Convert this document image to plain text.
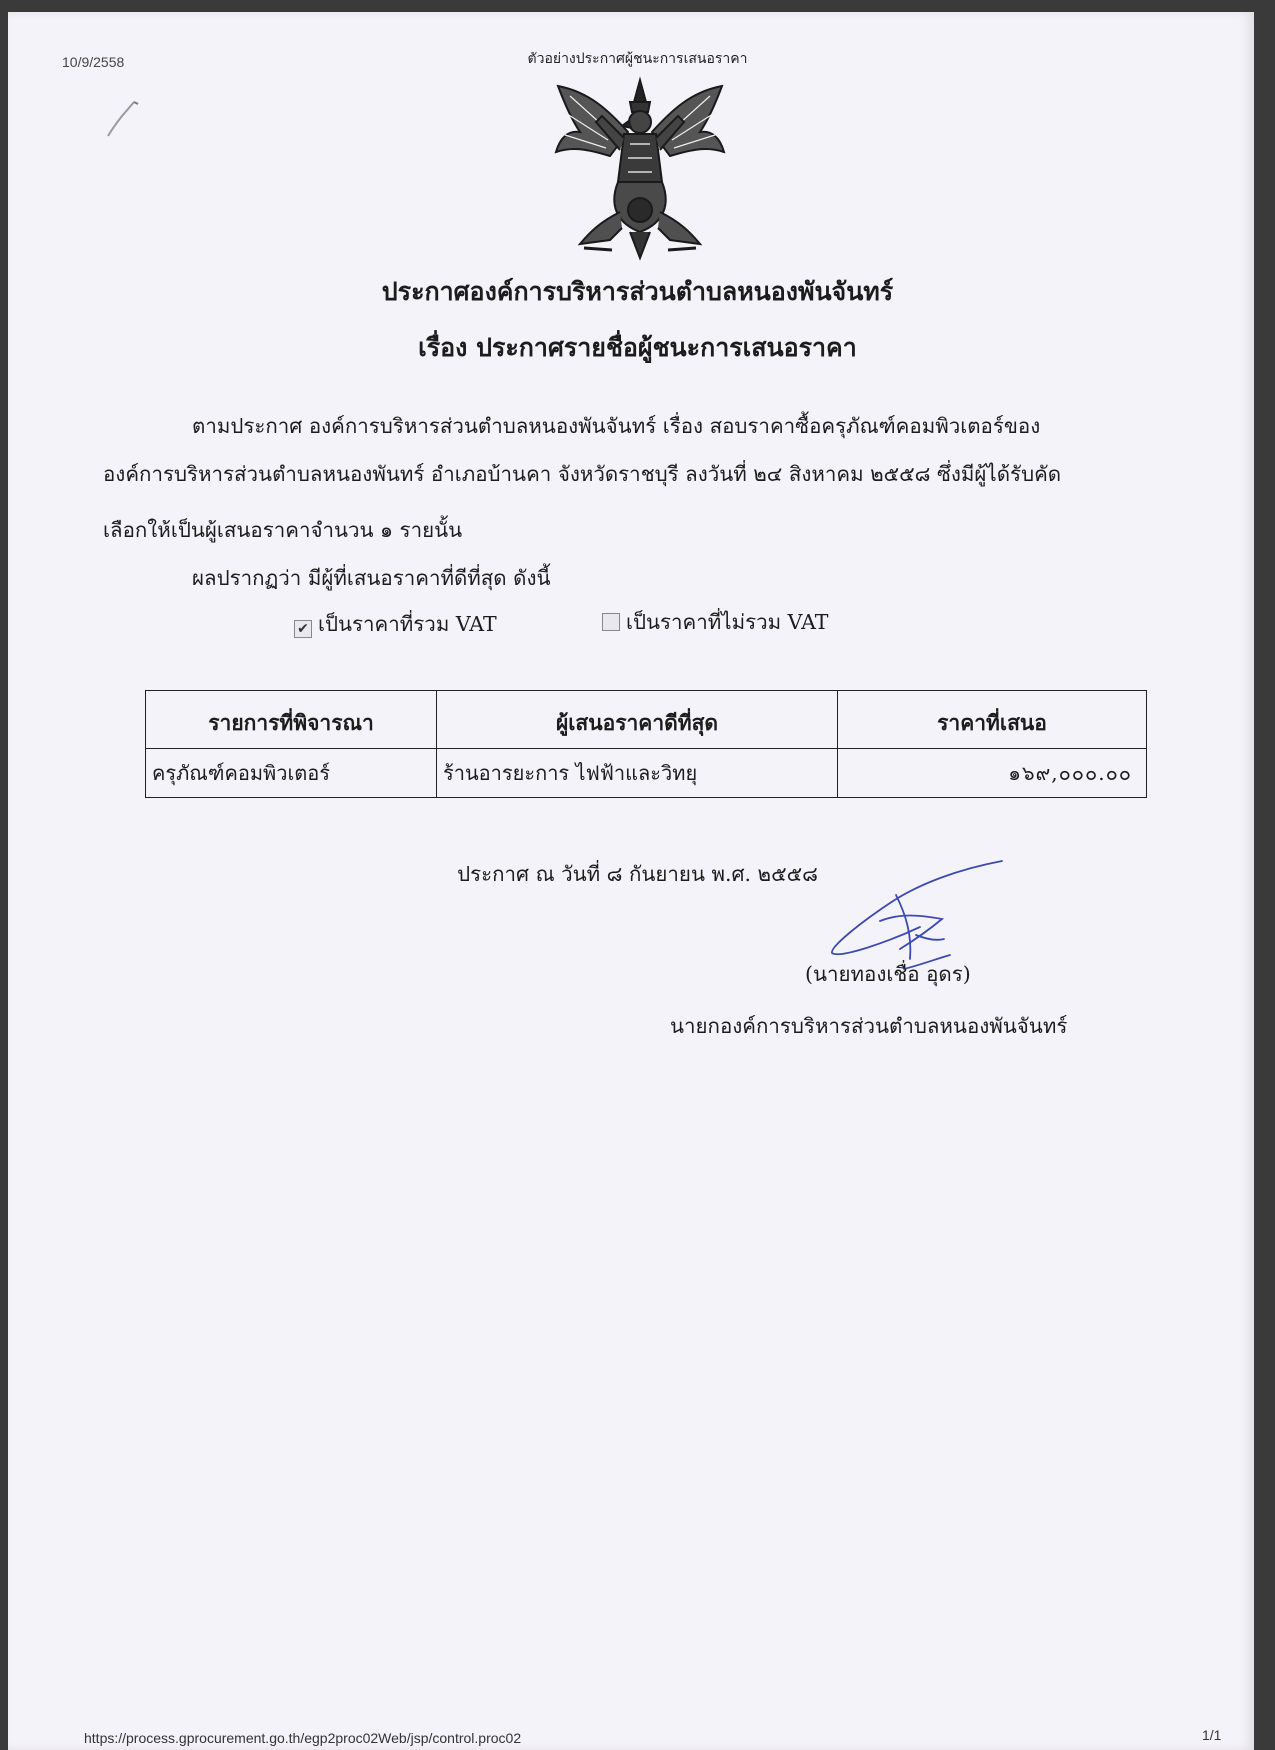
10/9/2558	ตัวอย่างประกาศผู้ชนะการเสนอราคา
ประกาศองค์การบริหารส่วนตำบลหนองพันจันทร์
เรื่อง ประกาศรายชื่อผู้ชนะการเสนอราคา
ตามประกาศ องค์การบริหารส่วนตำบลหนองพันจันทร์ เรื่อง สอบราคาซื้อครุภัณฑ์คอมพิวเตอร์ของ
องค์การบริหารส่วนตำบลหนองพันทร์ อำเภอบ้านคา จังหวัดราชบุรี ลงวันที่ ๒๔ สิงหาคม ๒๕๕๘ ซึ่งมีผู้ได้รับคัด
เลือกให้เป็นผู้เสนอราคาจำนวน ๑ รายนั้น
ผลปรากฏว่า มีผู้ที่เสนอราคาที่ดีที่สุด ดังนี้
✔ เป็นราคาที่รวม VAT	เป็นราคาที่ไม่รวม VAT
รายการที่พิจารณา	ผู้เสนอราคาดีที่สุด	ราคาที่เสนอ
ครุภัณฑ์คอมพิวเตอร์	ร้านอารยะการ ไฟฟ้าและวิทยุ	๑๖๙,๐๐๐.๐๐
ประกาศ ณ วันที่ ๘ กันยายน พ.ศ. ๒๕๕๘
(นายทองเชื่อ อุดร)
นายกองค์การบริหารส่วนตำบลหนองพันจันทร์
https://process.gprocurement.go.th/egp2proc02Web/jsp/control.proc02	1/1
